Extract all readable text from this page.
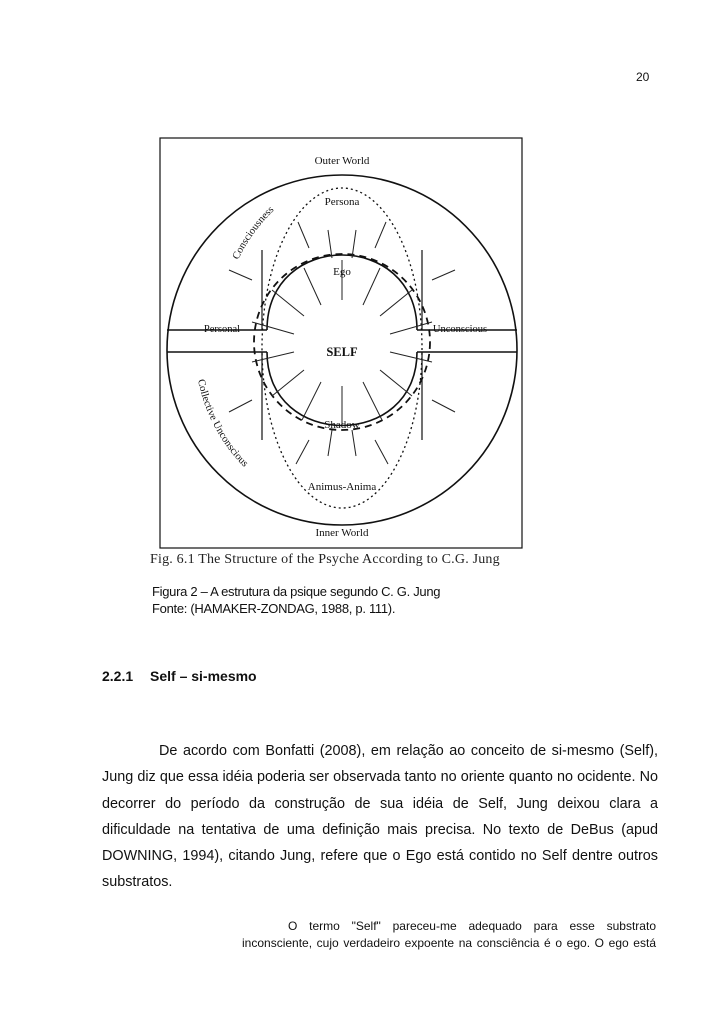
20
Outer World
Persona
Consciousness
Ego
Personal	Unconscious
SELF
Collective Unconscious
Shadow
Animus-Anima
Inner World
Fig. 6.1 The Structure of the Psyche According to C.G. Jung
Figura 2 – A estrutura da psique segundo C. G. Jung
Fonte: (HAMAKER-ZONDAG, 1988, p. 111).
2.2.1 Self – si-mesmo
De acordo com Bonfatti (2008), em relação ao conceito de si-mesmo (Self), Jung diz que essa idéia poderia ser observada tanto no oriente quanto no ocidente. No decorrer do período da construção de sua idéia de Self, Jung deixou clara a dificuldade na tentativa de uma definição mais precisa. No texto de DeBus (apud DOWNING, 1994), citando Jung, refere que o Ego está contido no Self dentre outros substratos.

O termo "Self" pareceu-me adequado para esse substrato

inconsciente, cujo verdadeiro expoente na consciência é o ego. O ego está
